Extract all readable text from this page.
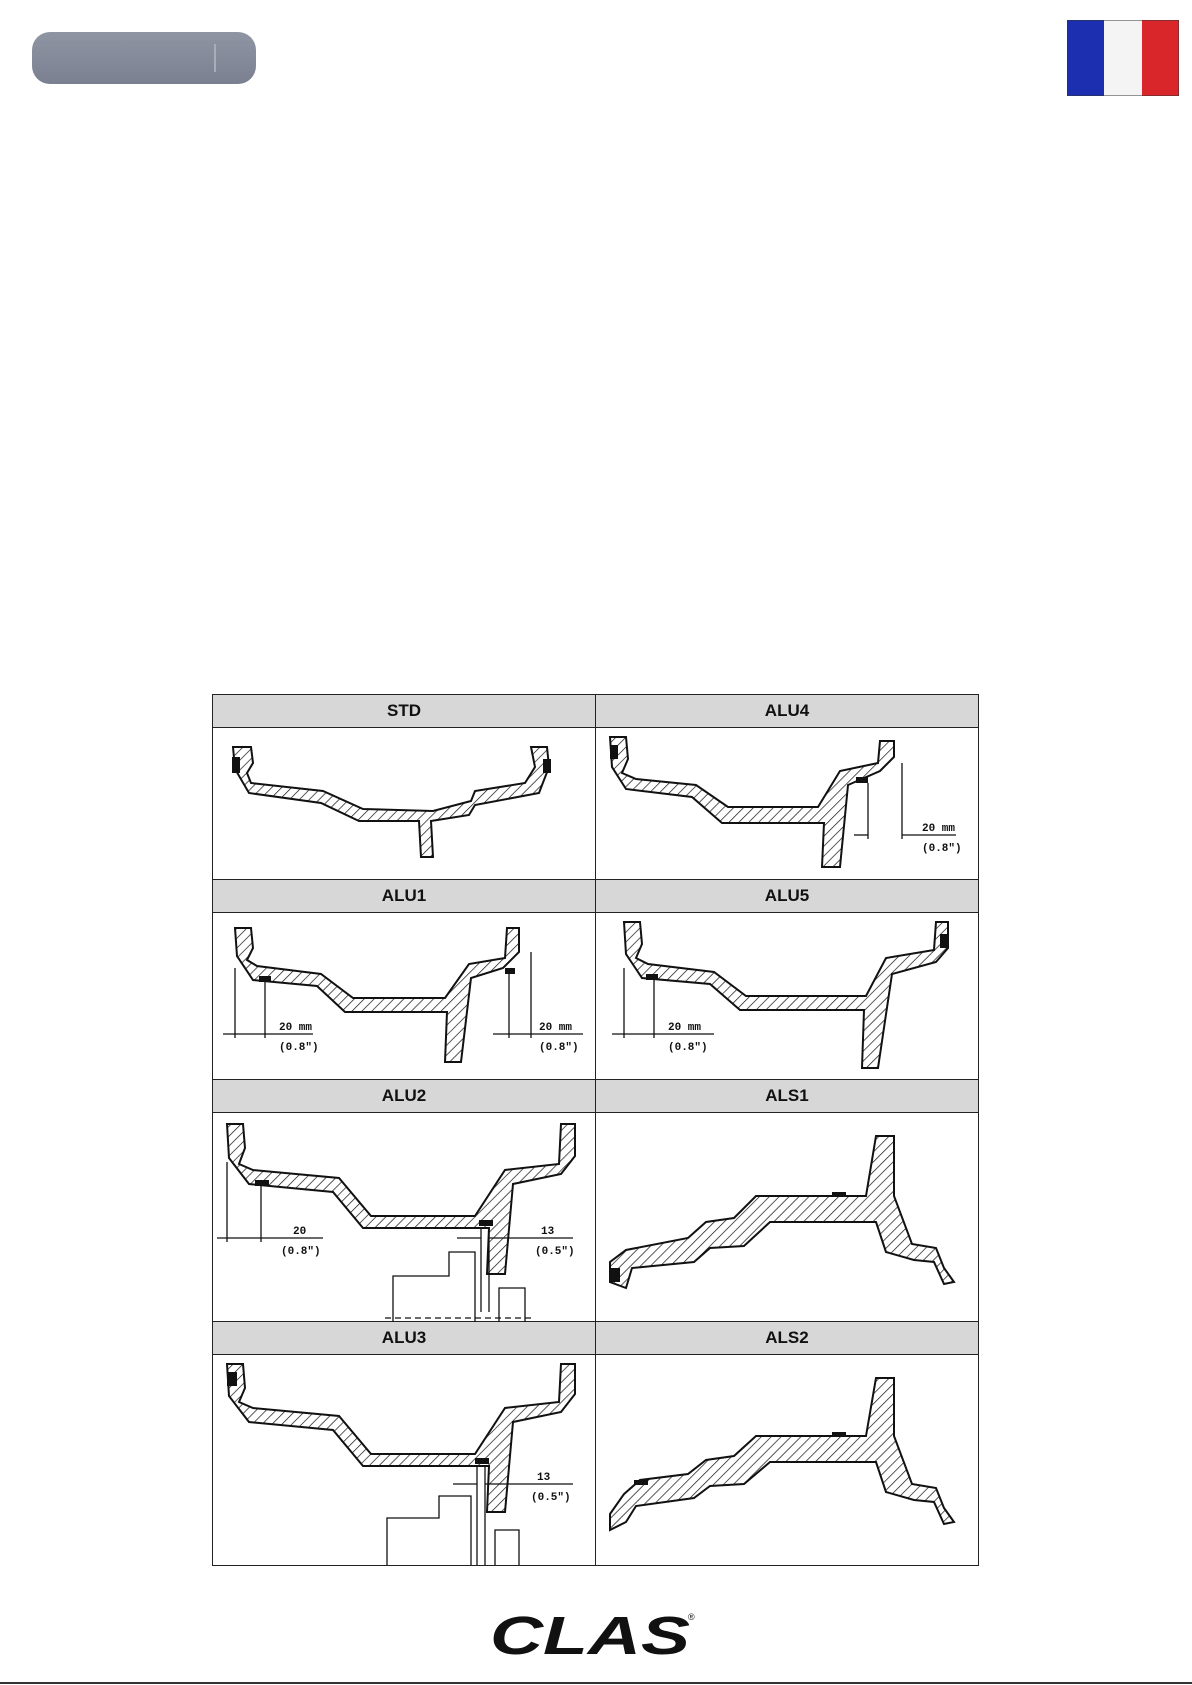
STD	ALU4
20 mm
(0.8")
ALU1
20 mm
(0.8")
20 mm
(0.8")
ALU5
20 mm
(0.8")
ALU2
20
(0.8")
13
(0.5")
ALS1
ALU3
13
(0.5")
ALS2
CLAS
®
